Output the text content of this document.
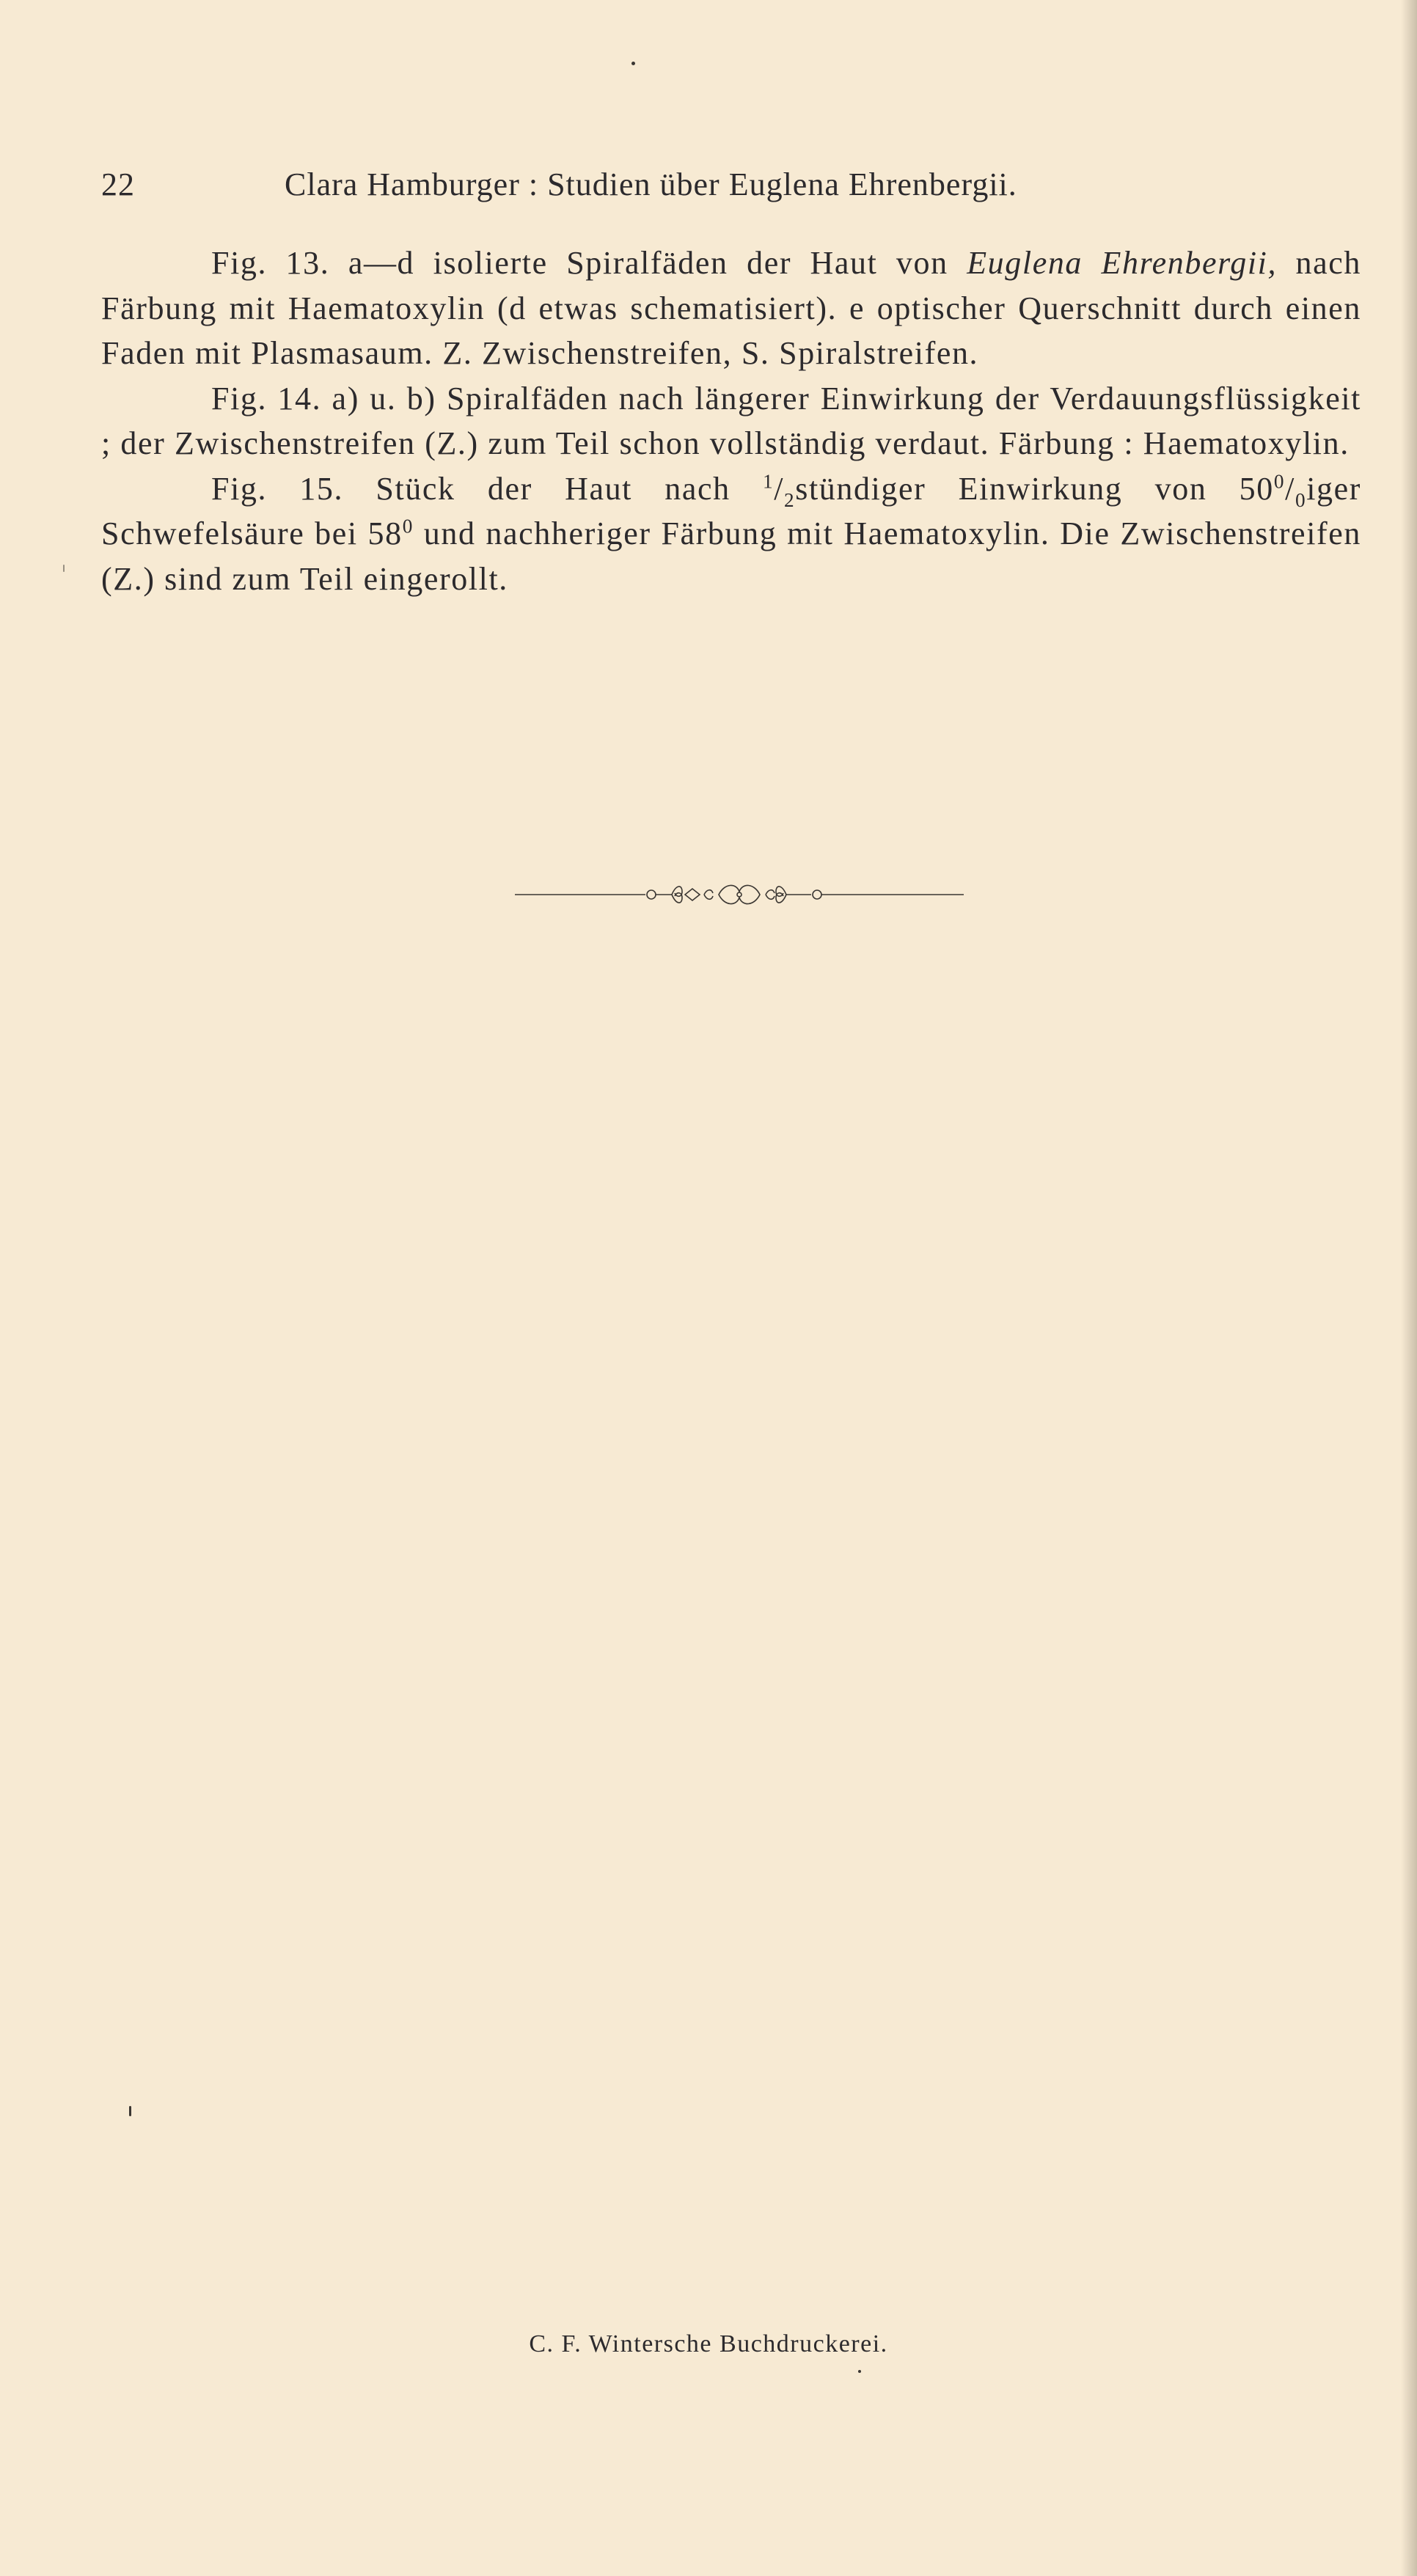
22	Clara Hamburger : Studien über Euglena Ehrenbergii.

Fig. 13. a—d isolierte Spiralfäden der Haut von Euglena Ehrenbergii, nach Färbung mit Haematoxylin (d etwas schematisiert). e optischer Querschnitt durch einen Faden mit Plasmasaum. Z. Zwischenstreifen, S. Spiralstreifen.

Fig. 14. a) u. b) Spiralfäden nach längerer Einwirkung der Verdauungsflüssigkeit ; der Zwischenstreifen (Z.) zum Teil schon vollständig verdaut. Färbung : Haematoxylin.

Fig. 15. Stück der Haut nach $^1/_2stündiger$ Einwirkung von $50^0/_0iger$ Schwefelsäure bei $58^0$ und nachheriger Färbung mit Haematoxylin. Die Zwischenstreifen (Z.) sind zum Teil eingerollt.

C. F. Wintersche Buchdruckerei.
